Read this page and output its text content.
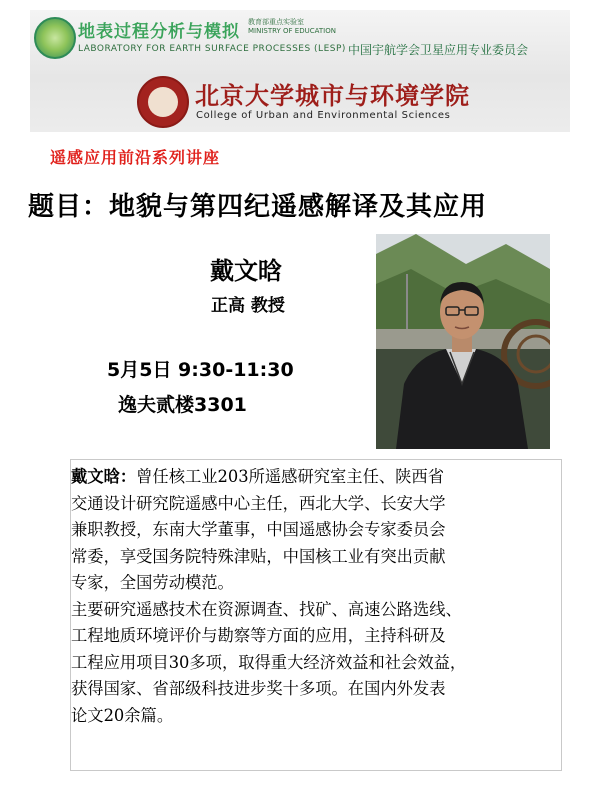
地表过程分析与模拟 教育部重点实验室
MINISTRY OF EDUCATION
LABORATORY FOR EARTH SURFACE PROCESSES (LESP) 中国宇航学会卫星应用专业委员会
北京大学城市与环境学院
College of Urban and Environmental Sciences
遥感应用前沿系列讲座
题目：地貌与第四纪遥感解译及其应用
戴文晗
正高 教授
5月5日 9:30-11:30
逸夫贰楼3301

戴文晗：曾任核工业203所遥感研究室主任、陕西省

交通设计研究院遥感中心主任，西北大学、长安大学

兼职教授，东南大学董事，中国遥感协会专家委员会

常委，享受国务院特殊津贴，中国核工业有突出贡献

专家，全国劳动模范。

主要研究遥感技术在资源调查、找矿、高速公路选线、

工程地质环境评价与勘察等方面的应用，主持科研及

工程应用项目30多项，取得重大经济效益和社会效益，

获得国家、省部级科技进步奖十多项。在国内外发表

论文20余篇。
